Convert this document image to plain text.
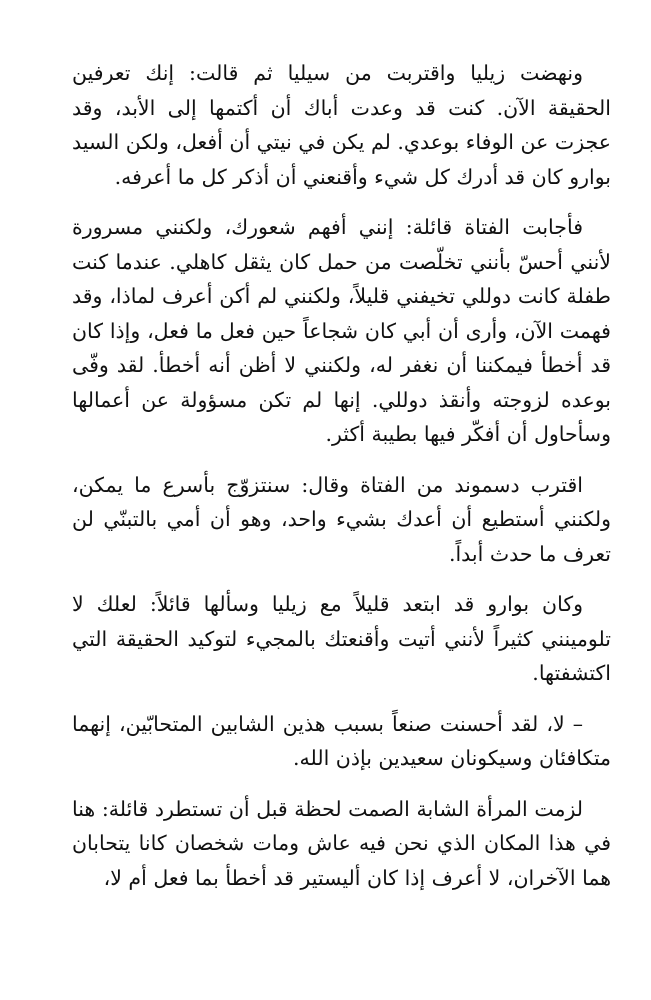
ونهضت زيليا واقتربت من سيليا ثم قالت: إنك تعرفين الحقيقة الآن. كنت قد وعدت أباك أن أكتمها إلى الأبد، وقد عجزت عن الوفاء بوعدي. لم يكن في نيتي أن أفعل، ولكن السيد بوارو كان قد أدرك كل شيء وأقنعني أن أذكر كل ما أعرفه.

فأجابت الفتاة قائلة: إنني أفهم شعورك، ولكنني مسرورة لأنني أحسّ بأنني تخلّصت من حمل كان يثقل كاهلي. عندما كنت طفلة كانت دوللي تخيفني قليلاً، ولكنني لم أكن أعرف لماذا، وقد فهمت الآن، وأرى أن أبي كان شجاعاً حين فعل ما فعل، وإذا كان قد أخطأ فيمكننا أن نغفر له، ولكنني لا أظن أنه أخطأ. لقد وفّى بوعده لزوجته وأنقذ دوللي. إنها لم تكن مسؤولة عن أعمالها وسأحاول أن أفكّر فيها بطيبة أكثر.

اقترب دسموند من الفتاة وقال: سنتزوّج بأسرع ما يمكن، ولكنني أستطيع أن أعدك بشيء واحد، وهو أن أمي بالتبنّي لن تعرف ما حدث أبداً.

وكان بوارو قد ابتعد قليلاً مع زيليا وسألها قائلاً: لعلك لا تلومينني كثيراً لأنني أتيت وأقنعتك بالمجيء لتوكيد الحقيقة التي اكتشفتها.

– لا، لقد أحسنت صنعاً بسبب هذين الشابين المتحابّين، إنهما متكافئان وسيكونان سعيدين بإذن الله.

لزمت المرأة الشابة الصمت لحظة قبل أن تستطرد قائلة: هنا في هذا المكان الذي نحن فيه عاش ومات شخصان كانا يتحابان هما الآخران، لا أعرف إذا كان أليستير قد أخطأ بما فعل أم لا،
